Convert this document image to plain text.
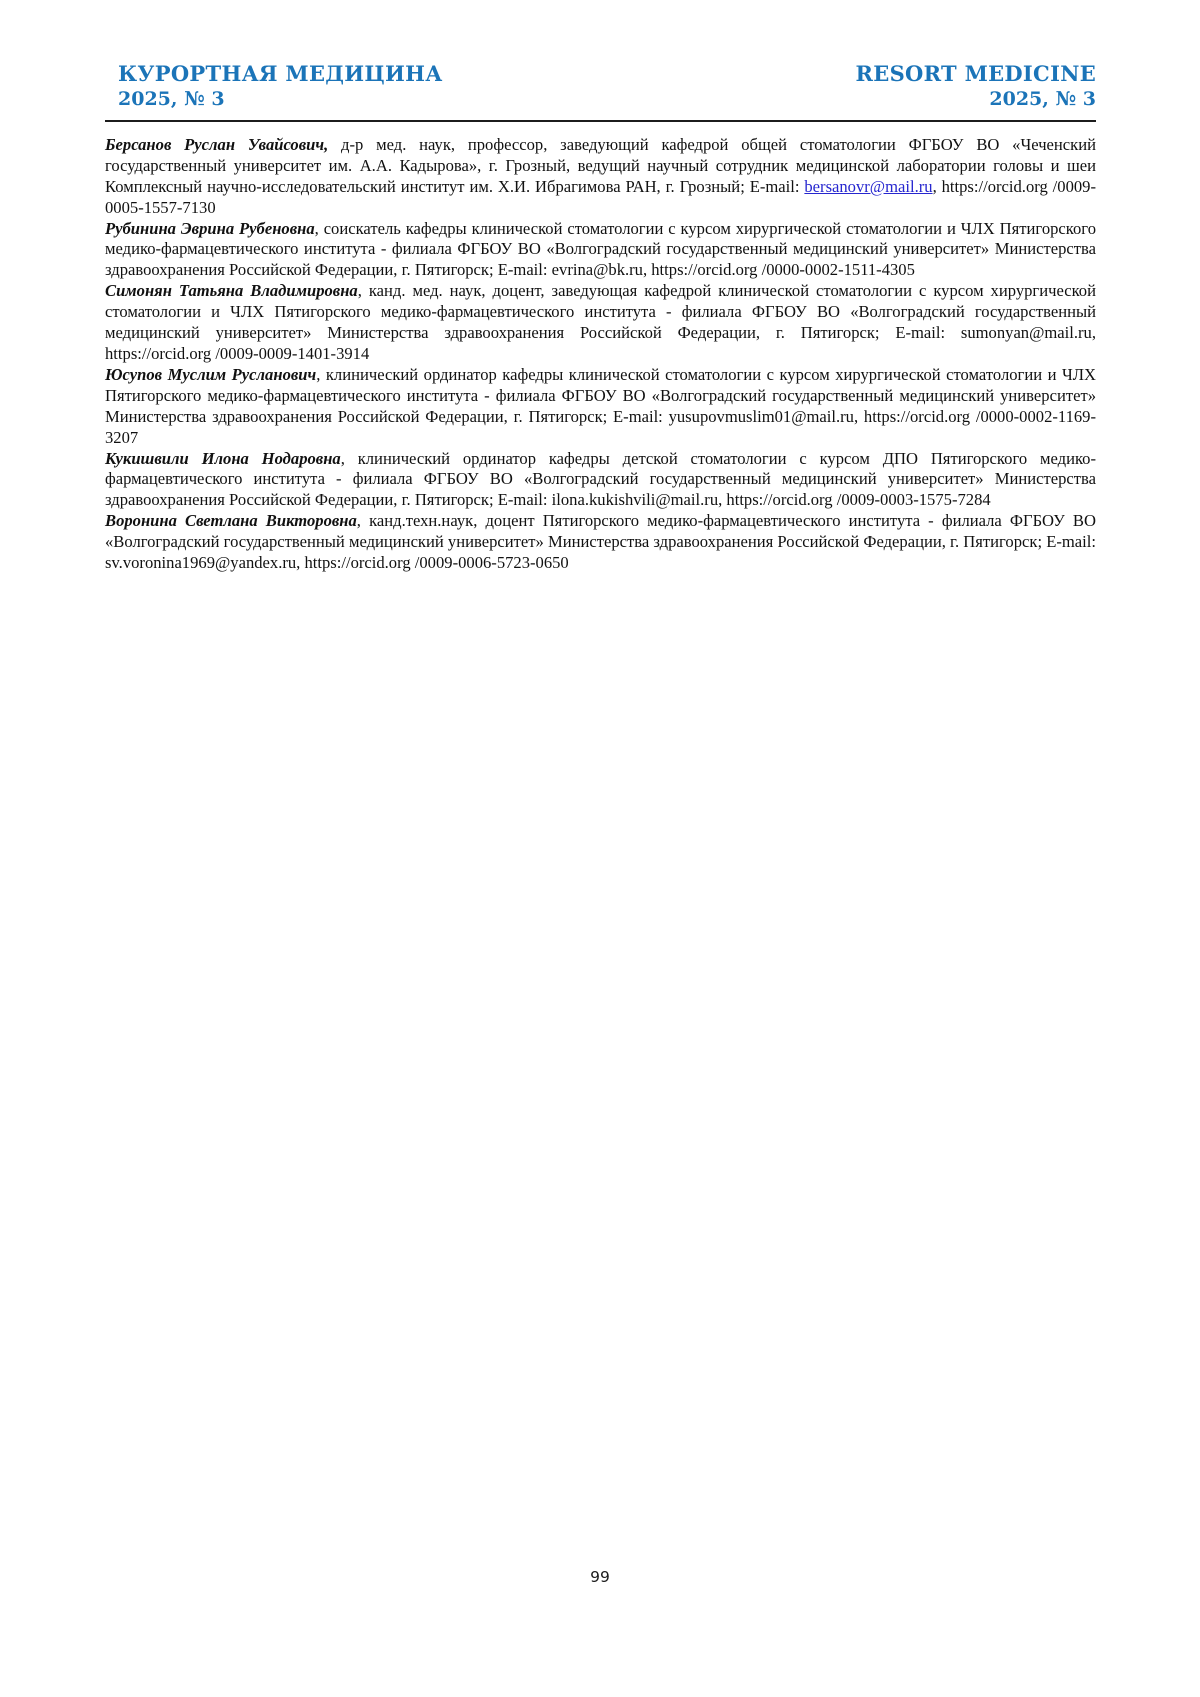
КУРОРТНАЯ МЕДИЦИНА
2025, № 3
RESORT MEDICINE
2025, № 3

Берсанов Руслан Увайсович, д-р мед. наук, профессор, заведующий кафедрой общей стоматологии ФГБОУ ВО «Чеченский государственный университет им. А.А. Кадырова», г. Грозный, ведущий научный сотрудник медицинской лаборатории головы и шеи Комплексный научно-исследовательский институт им. Х.И. Ибрагимова РАН, г. Грозный; E-mail: bersanovr@mail.ru, https://orcid.org /0009-0005-1557-7130

Рубинина Эврина Рубеновна, соискатель кафедры клинической стоматологии с курсом хирургической стоматологии и ЧЛХ Пятигорского медико-фармацевтического института - филиала ФГБОУ ВО «Волгоградский государственный медицинский университет» Министерства здравоохранения Российской Федерации, г. Пятигорск; E-mail: evrina@bk.ru, https://orcid.org /0000-0002-1511-4305

Симонян Татьяна Владимировна, канд. мед. наук, доцент, заведующая кафедрой клинической стоматологии с курсом хирургической стоматологии и ЧЛХ Пятигорского медико-фармацевтического института - филиала ФГБОУ ВО «Волгоградский государственный медицинский университет» Министерства здравоохранения Российской Федерации, г. Пятигорск; E-mail: sumonyan@mail.ru, https://orcid.org /0009-0009-1401-3914

Юсупов Муслим Русланович, клинический ординатор кафедры клинической стоматологии с курсом хирургической стоматологии и ЧЛХ Пятигорского медико-фармацевтического института - филиала ФГБОУ ВО «Волгоградский государственный медицинский университет» Министерства здравоохранения Российской Федерации, г. Пятигорск; E-mail: yusupovmuslim01@mail.ru, https://orcid.org /0000-0002-1169-3207

Кукишвили Илона Нодаровна, клинический ординатор кафедры детской стоматологии с курсом ДПО Пятигорского медико-фармацевтического института - филиала ФГБОУ ВО «Волгоградский государственный медицинский университет» Министерства здравоохранения Российской Федерации, г. Пятигорск; E-mail: ilona.kukishvili@mail.ru, https://orcid.org /0009-0003-1575-7284

Воронина Светлана Викторовна, канд.техн.наук, доцент Пятигорского медико-фармацевтического института - филиала ФГБОУ ВО «Волгоградский государственный медицинский университет» Министерства здравоохранения Российской Федерации, г. Пятигорск; E-mail: sv.voronina1969@yandex.ru, https://orcid.org /0009-0006-5723-0650

99
